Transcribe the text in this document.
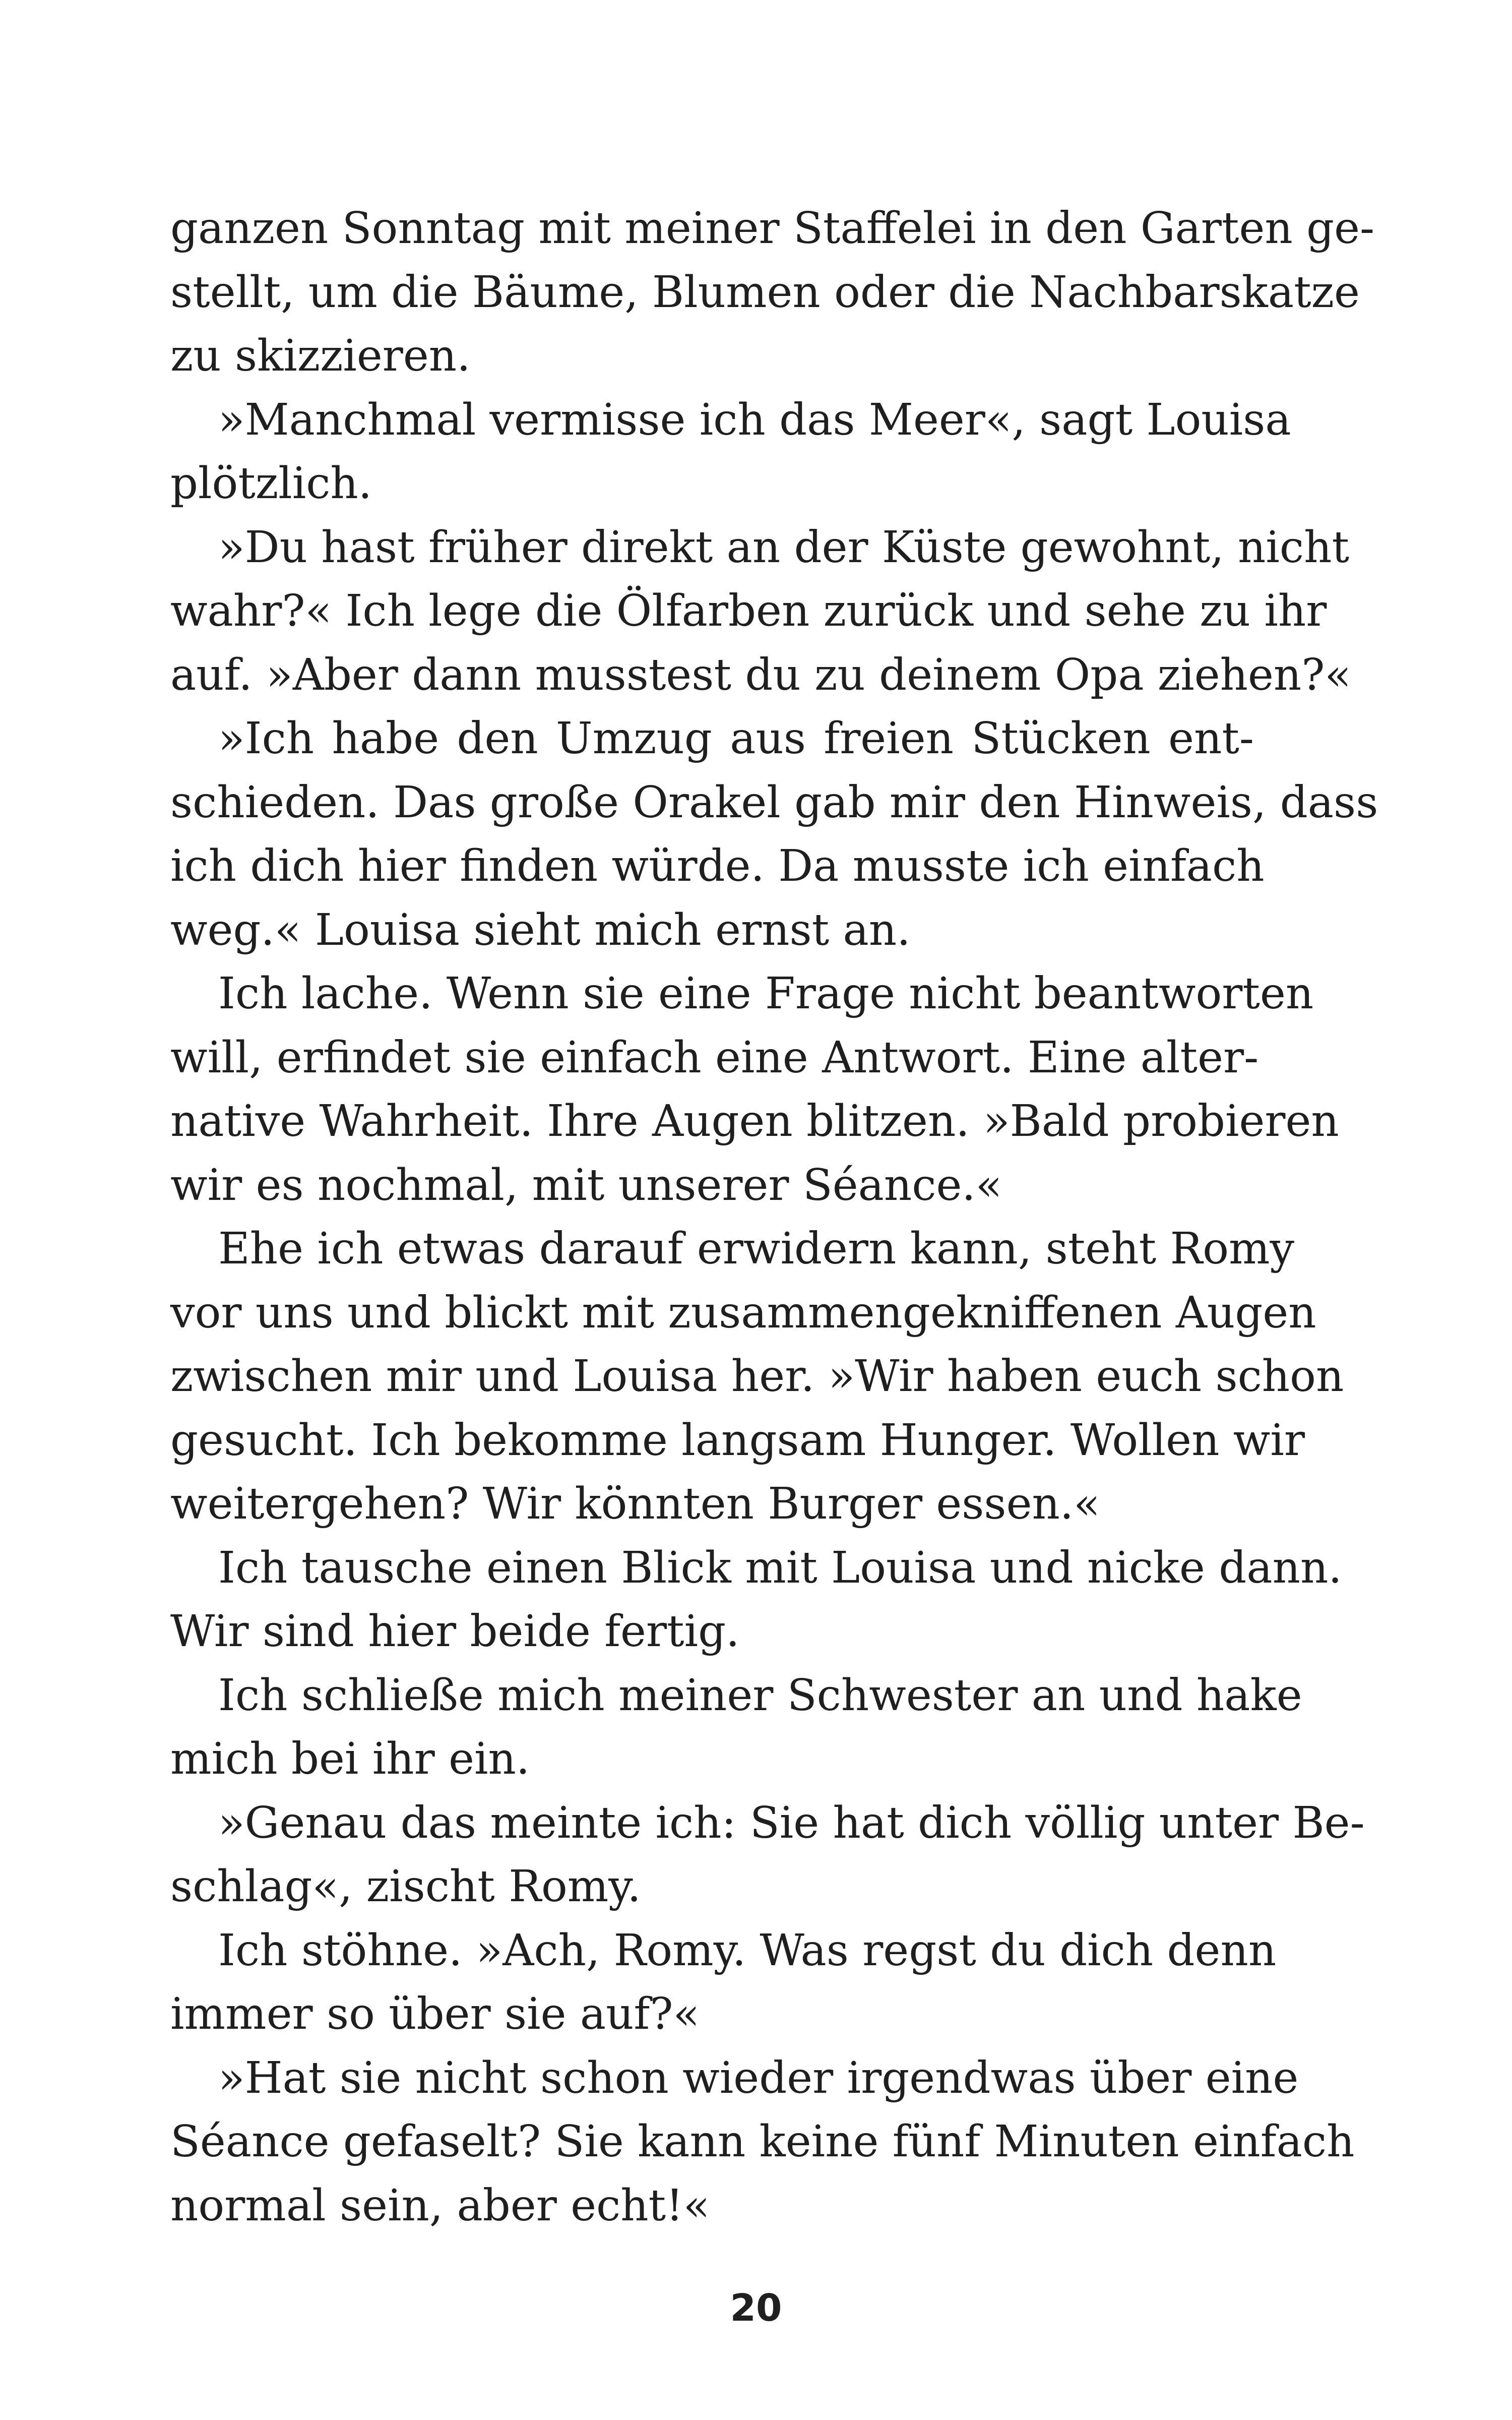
ganzen Sonntag mit meiner Staffelei in den Garten ge-
stellt, um die Bäume, Blumen oder die Nachbarskatze
zu skizzieren.
»Manchmal vermisse ich das Meer«, sagt Louisa
plötzlich.
»Du hast früher direkt an der Küste gewohnt, nicht
wahr?« Ich lege die Ölfarben zurück und sehe zu ihr
auf. »Aber dann musstest du zu deinem Opa ziehen?«
»Ich habe den Umzug aus freien Stücken ent-
schieden. Das große Orakel gab mir den Hinweis, dass
ich dich hier finden würde. Da musste ich einfach
weg.« Louisa sieht mich ernst an.
Ich lache. Wenn sie eine Frage nicht beantworten
will, erfindet sie einfach eine Antwort. Eine alter-
native Wahrheit. Ihre Augen blitzen. »Bald probieren
wir es nochmal, mit unserer Séance.«
Ehe ich etwas darauf erwidern kann, steht Romy
vor uns und blickt mit zusammengekniffenen Augen
zwischen mir und Louisa her. »Wir haben euch schon
gesucht. Ich bekomme langsam Hunger. Wollen wir
weitergehen? Wir könnten Burger essen.«
Ich tausche einen Blick mit Louisa und nicke dann.
Wir sind hier beide fertig.
Ich schließe mich meiner Schwester an und hake
mich bei ihr ein.
»Genau das meinte ich: Sie hat dich völlig unter Be-
schlag«, zischt Romy.
Ich stöhne. »Ach, Romy. Was regst du dich denn
immer so über sie auf?«
»Hat sie nicht schon wieder irgendwas über eine
Séance gefaselt? Sie kann keine fünf Minuten einfach
normal sein, aber echt!«
20
